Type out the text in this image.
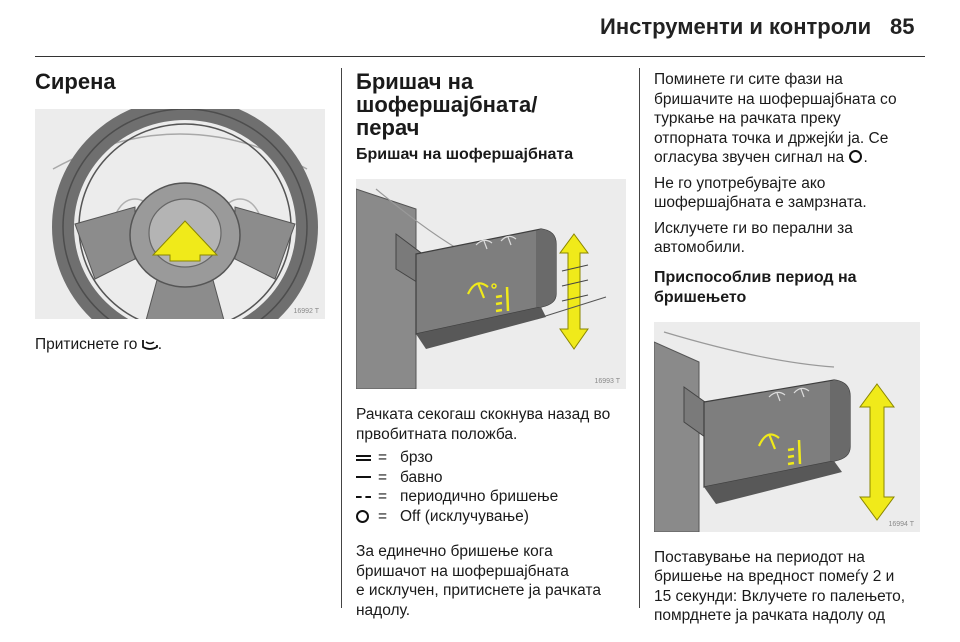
Инструменти и контроли 85
Сирена
16992 T

Притиснете го .

Бришач на шофершајбната/
перач
Бришач на шофершајбната
16993 T

Рачката секогаш скокнува назад во
првобитната положба.

= брзо
= бавно
= периодично бришење
= Off (исклучување)

За единечно бришење кога
бришачот на шофершајбната
е исклучен, притиснете ја рачката
надолу.

Поминете ги сите фази на
бришачите на шофершајбната со
туркање на рачката преку
отпорната точка и држејќи ја. Се
огласува звучен сигнал на .

Не го употребувајте ако
шофершајбната е замрзната.

Исклучете ги во перални за
автомобили.

Приспособлив период на
бришењето
16994 T

Поставување на периодот на
бришење на вредност помеѓу 2 и
15 секунди: Вклучете го палењето,
помрднете ја рачката надолу од
